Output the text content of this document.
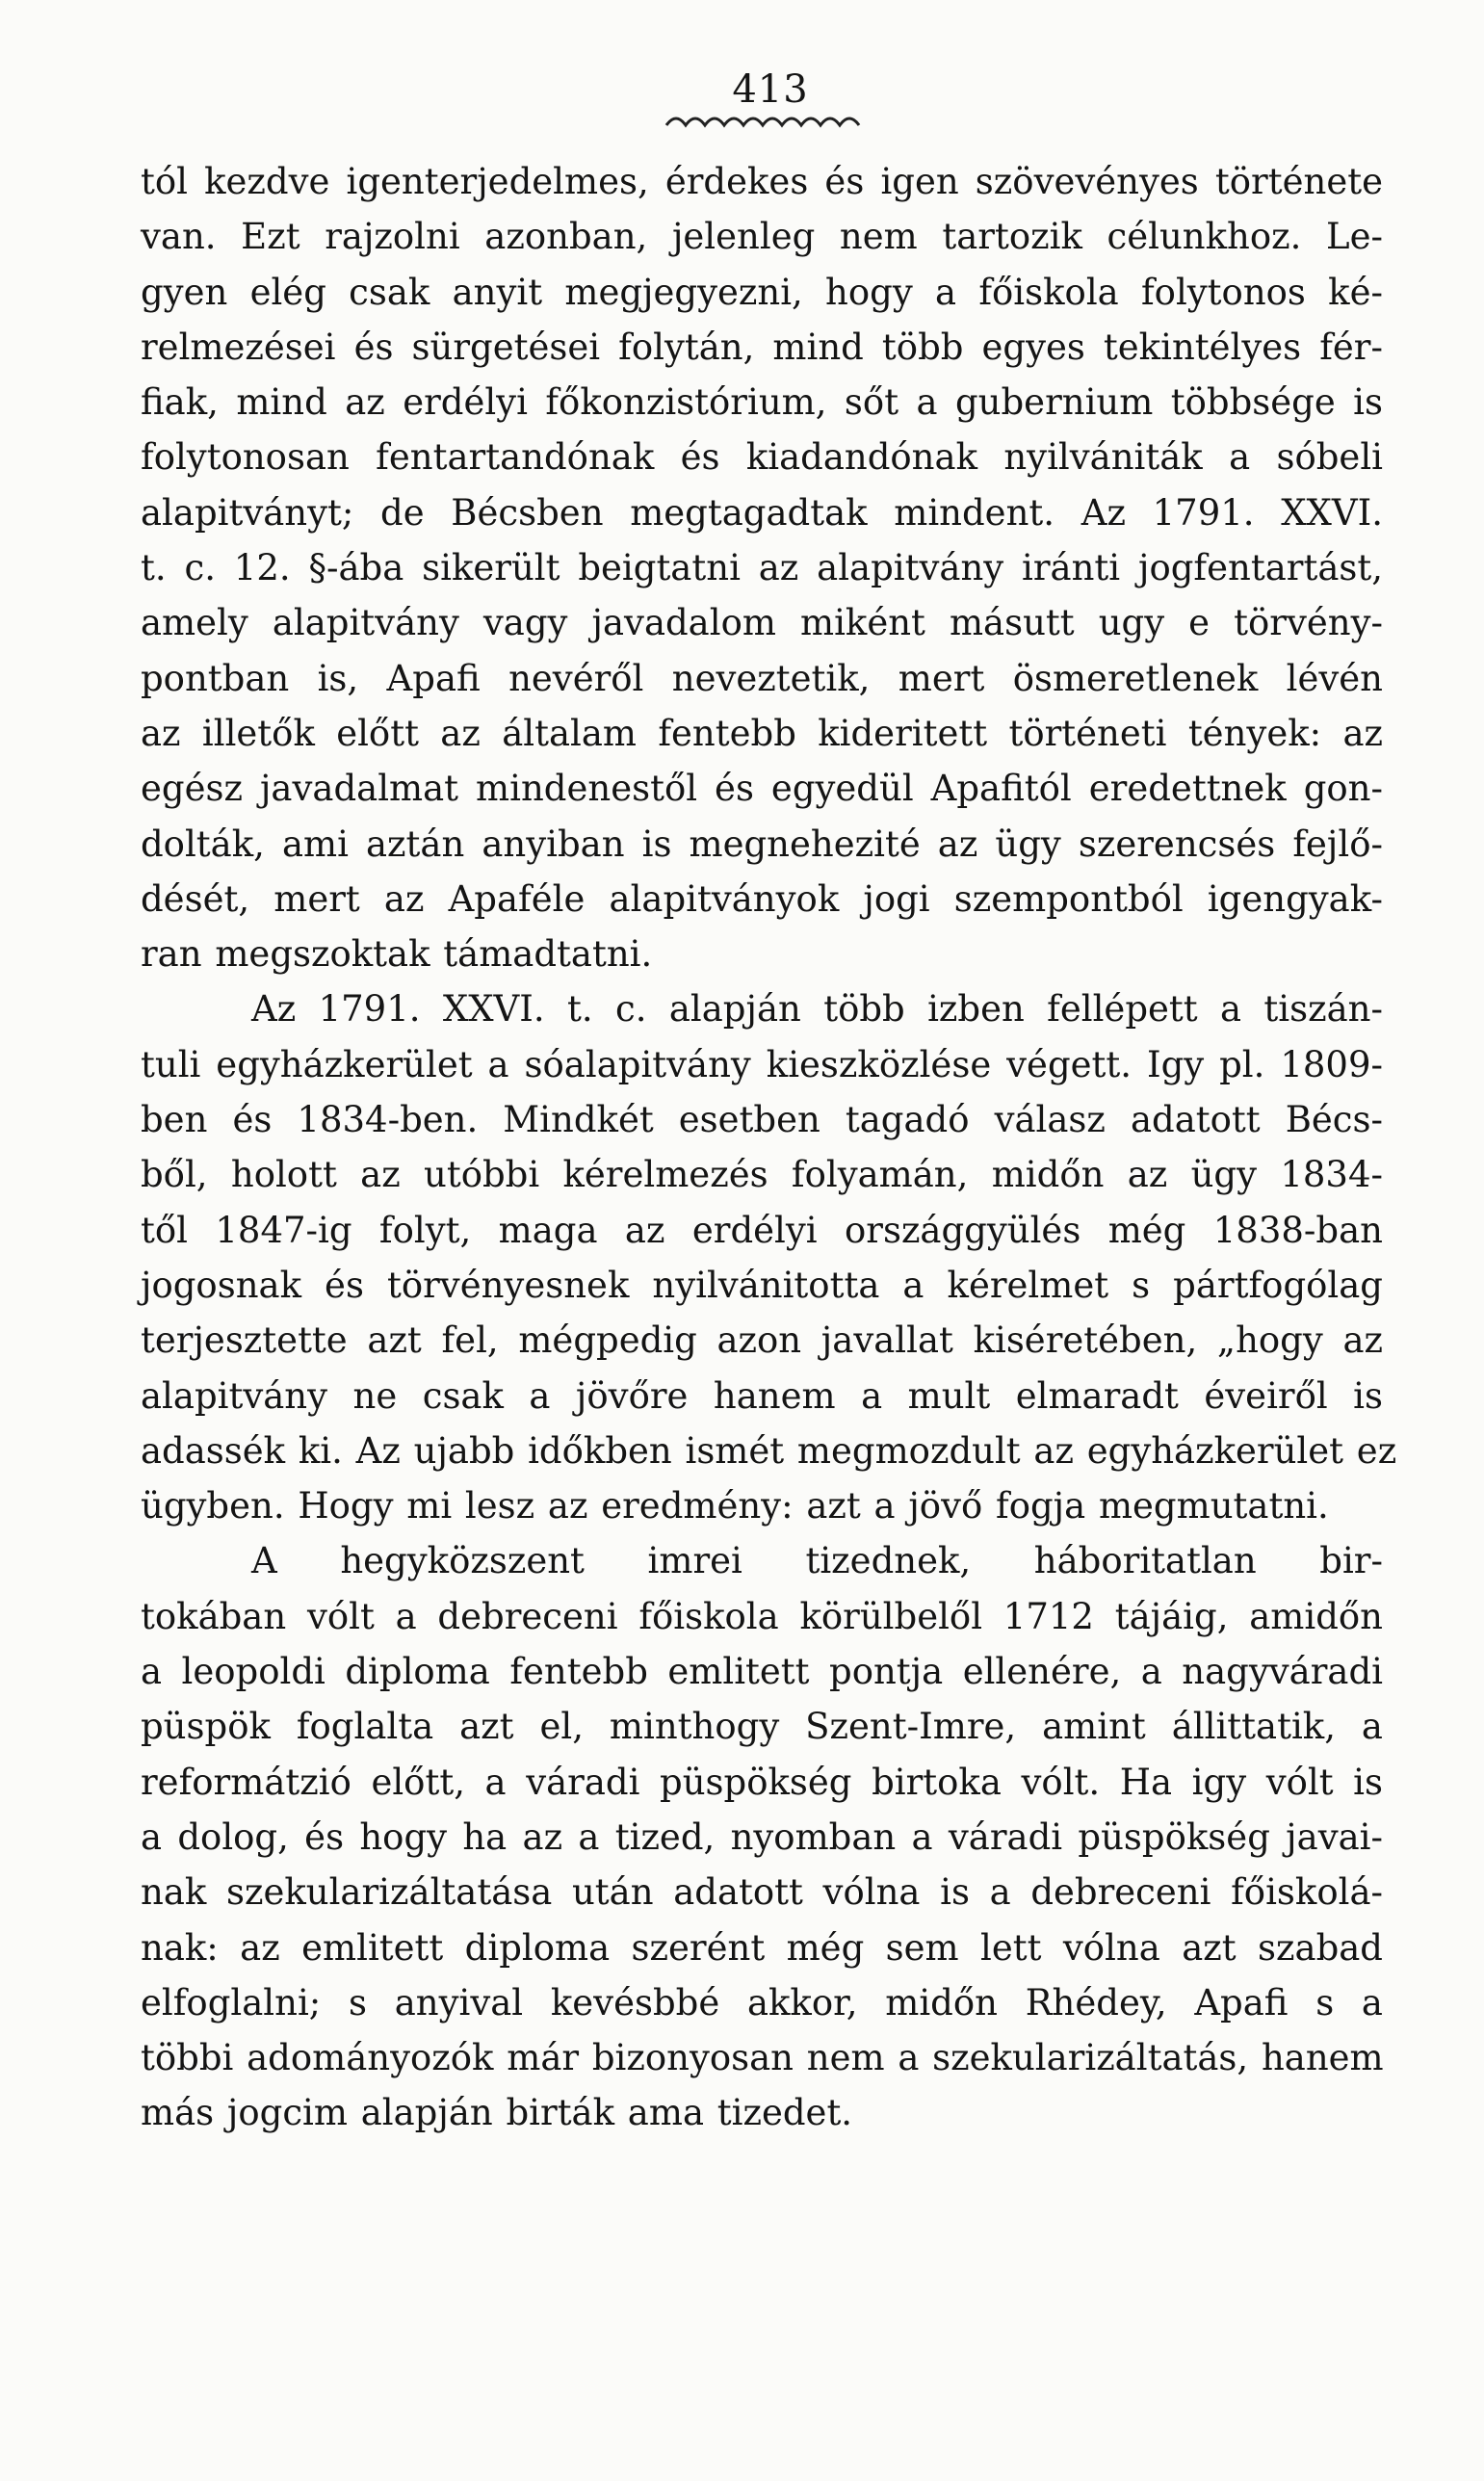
413
tól kezdve igenterjedelmes, érdekes és igen szövevényes története
van. Ezt rajzolni azonban, jelenleg nem tartozik célunkhoz. Le-
gyen elég csak anyit megjegyezni, hogy a főiskola folytonos ké-
relmezései és sürgetései folytán, mind több egyes tekintélyes fér-
fiak, mind az erdélyi főkonzistórium, sőt a gubernium többsége is
folytonosan fentartandónak és kiadandónak nyilvániták a sóbeli
alapitványt; de Bécsben megtagadtak mindent. Az 1791. XXVI.
t. c. 12. §-ába sikerült beigtatni az alapitvány iránti jogfentartást,
amely alapitvány vagy javadalom miként másutt ugy e törvény-
pontban is, Apafi nevéről neveztetik, mert ösmeretlenek lévén
az illetők előtt az általam fentebb kideritett történeti tények: az
egész javadalmat mindenestől és egyedül Apafitól eredettnek gon-
dolták, ami aztán anyiban is megnehezité az ügy szerencsés fejlő-
dését, mert az Apaféle alapitványok jogi szempontból igengyak-
ran megszoktak támadtatni.
Az 1791. XXVI. t. c. alapján több izben fellépett a tiszán-
tuli egyházkerület a sóalapitvány kieszközlése végett. Igy pl. 1809-
ben és 1834-ben. Mindkét esetben tagadó válasz adatott Bécs-
ből, holott az utóbbi kérelmezés folyamán, midőn az ügy 1834-
től 1847-ig folyt, maga az erdélyi országgyülés még 1838-ban
jogosnak és törvényesnek nyilvánitotta a kérelmet s pártfogólag
terjesztette azt fel, mégpedig azon javallat kiséretében, „hogy az
alapitvány ne csak a jövőre hanem a mult elmaradt éveiről is
adassék ki. Az ujabb időkben ismét megmozdult az egyházkerület ez
ügyben. Hogy mi lesz az eredmény: azt a jövő fogja megmutatni.
A hegyközszent imrei tizednek, háboritatlan bir-
tokában vólt a debreceni főiskola körülbelől 1712 tájáig, amidőn
a leopoldi diploma fentebb emlitett pontja ellenére, a nagyváradi
püspök foglalta azt el, minthogy Szent-Imre, amint állittatik, a
reformátzió előtt, a váradi püspökség birtoka vólt. Ha igy vólt is
a dolog, és hogy ha az a tized, nyomban a váradi püspökség javai-
nak szekularizáltatása után adatott vólna is a debreceni főiskolá-
nak: az emlitett diploma szerént még sem lett vólna azt szabad
elfoglalni; s anyival kevésbbé akkor, midőn Rhédey, Apafi s a
többi adományozók már bizonyosan nem a szekularizáltatás, hanem
más jogcim alapján birták ama tizedet.
